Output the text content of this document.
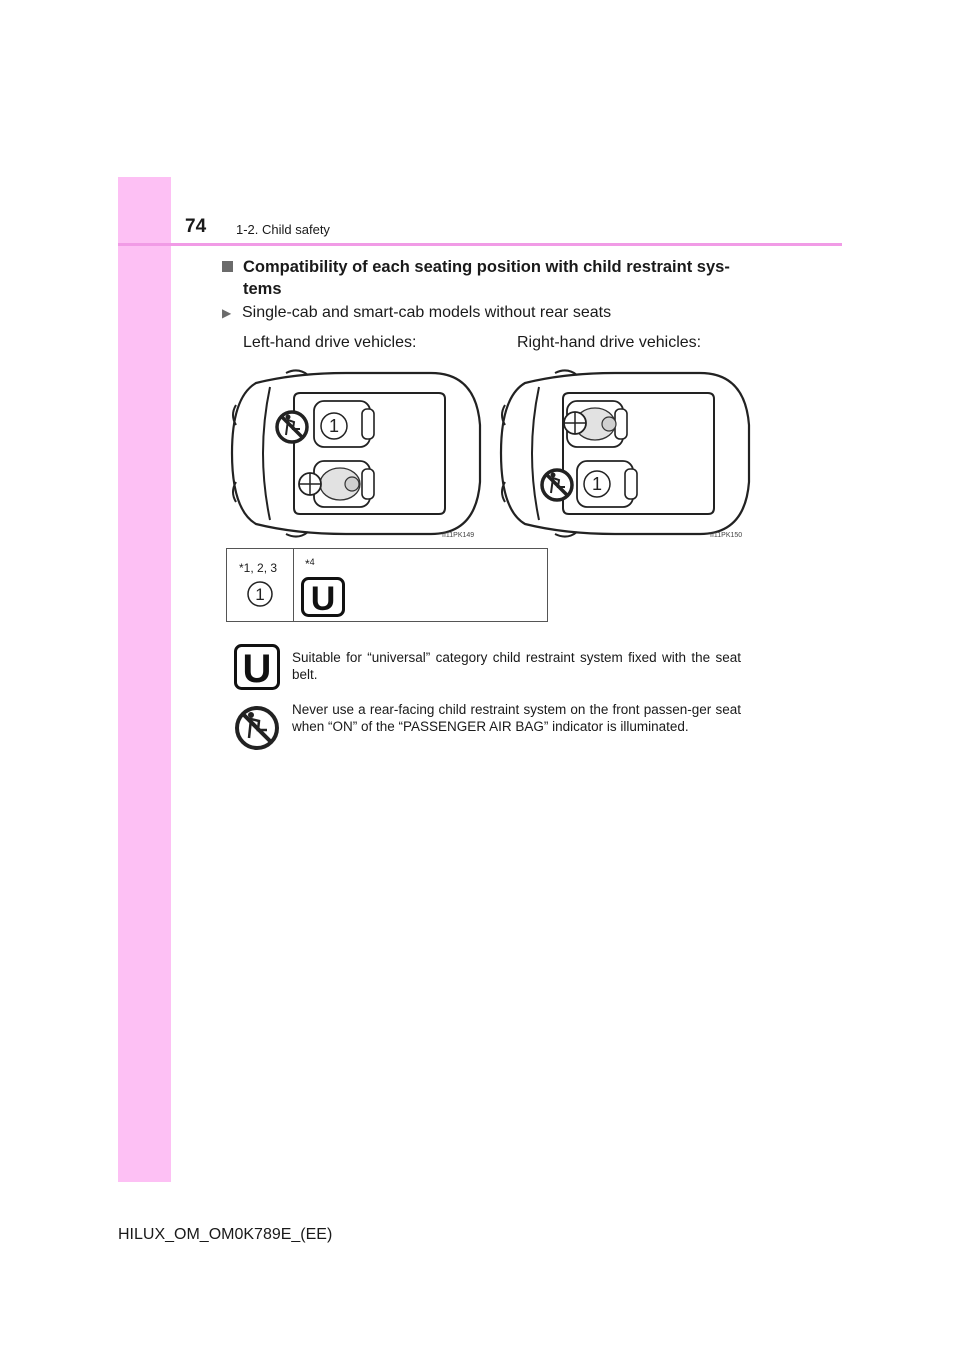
74 1-2. Child safety
Compatibility of each seating position with child restraint sys-tems
▶ Single-cab and smart-cab models without rear seats
Left-hand drive vehicles:	Right-hand drive vehicles:
1
II11PK149
1
II11PK150
*1, 2, 3
1
*$^4$
U
U Suitable for “universal” category child restraint system fixed with the seat belt.
Never use a rear-facing child restraint system on the front passen-ger seat when “ON” of the “PASSENGER AIR BAG” indicator is illuminated.
HILUX_OM_OM0K789E_(EE)
